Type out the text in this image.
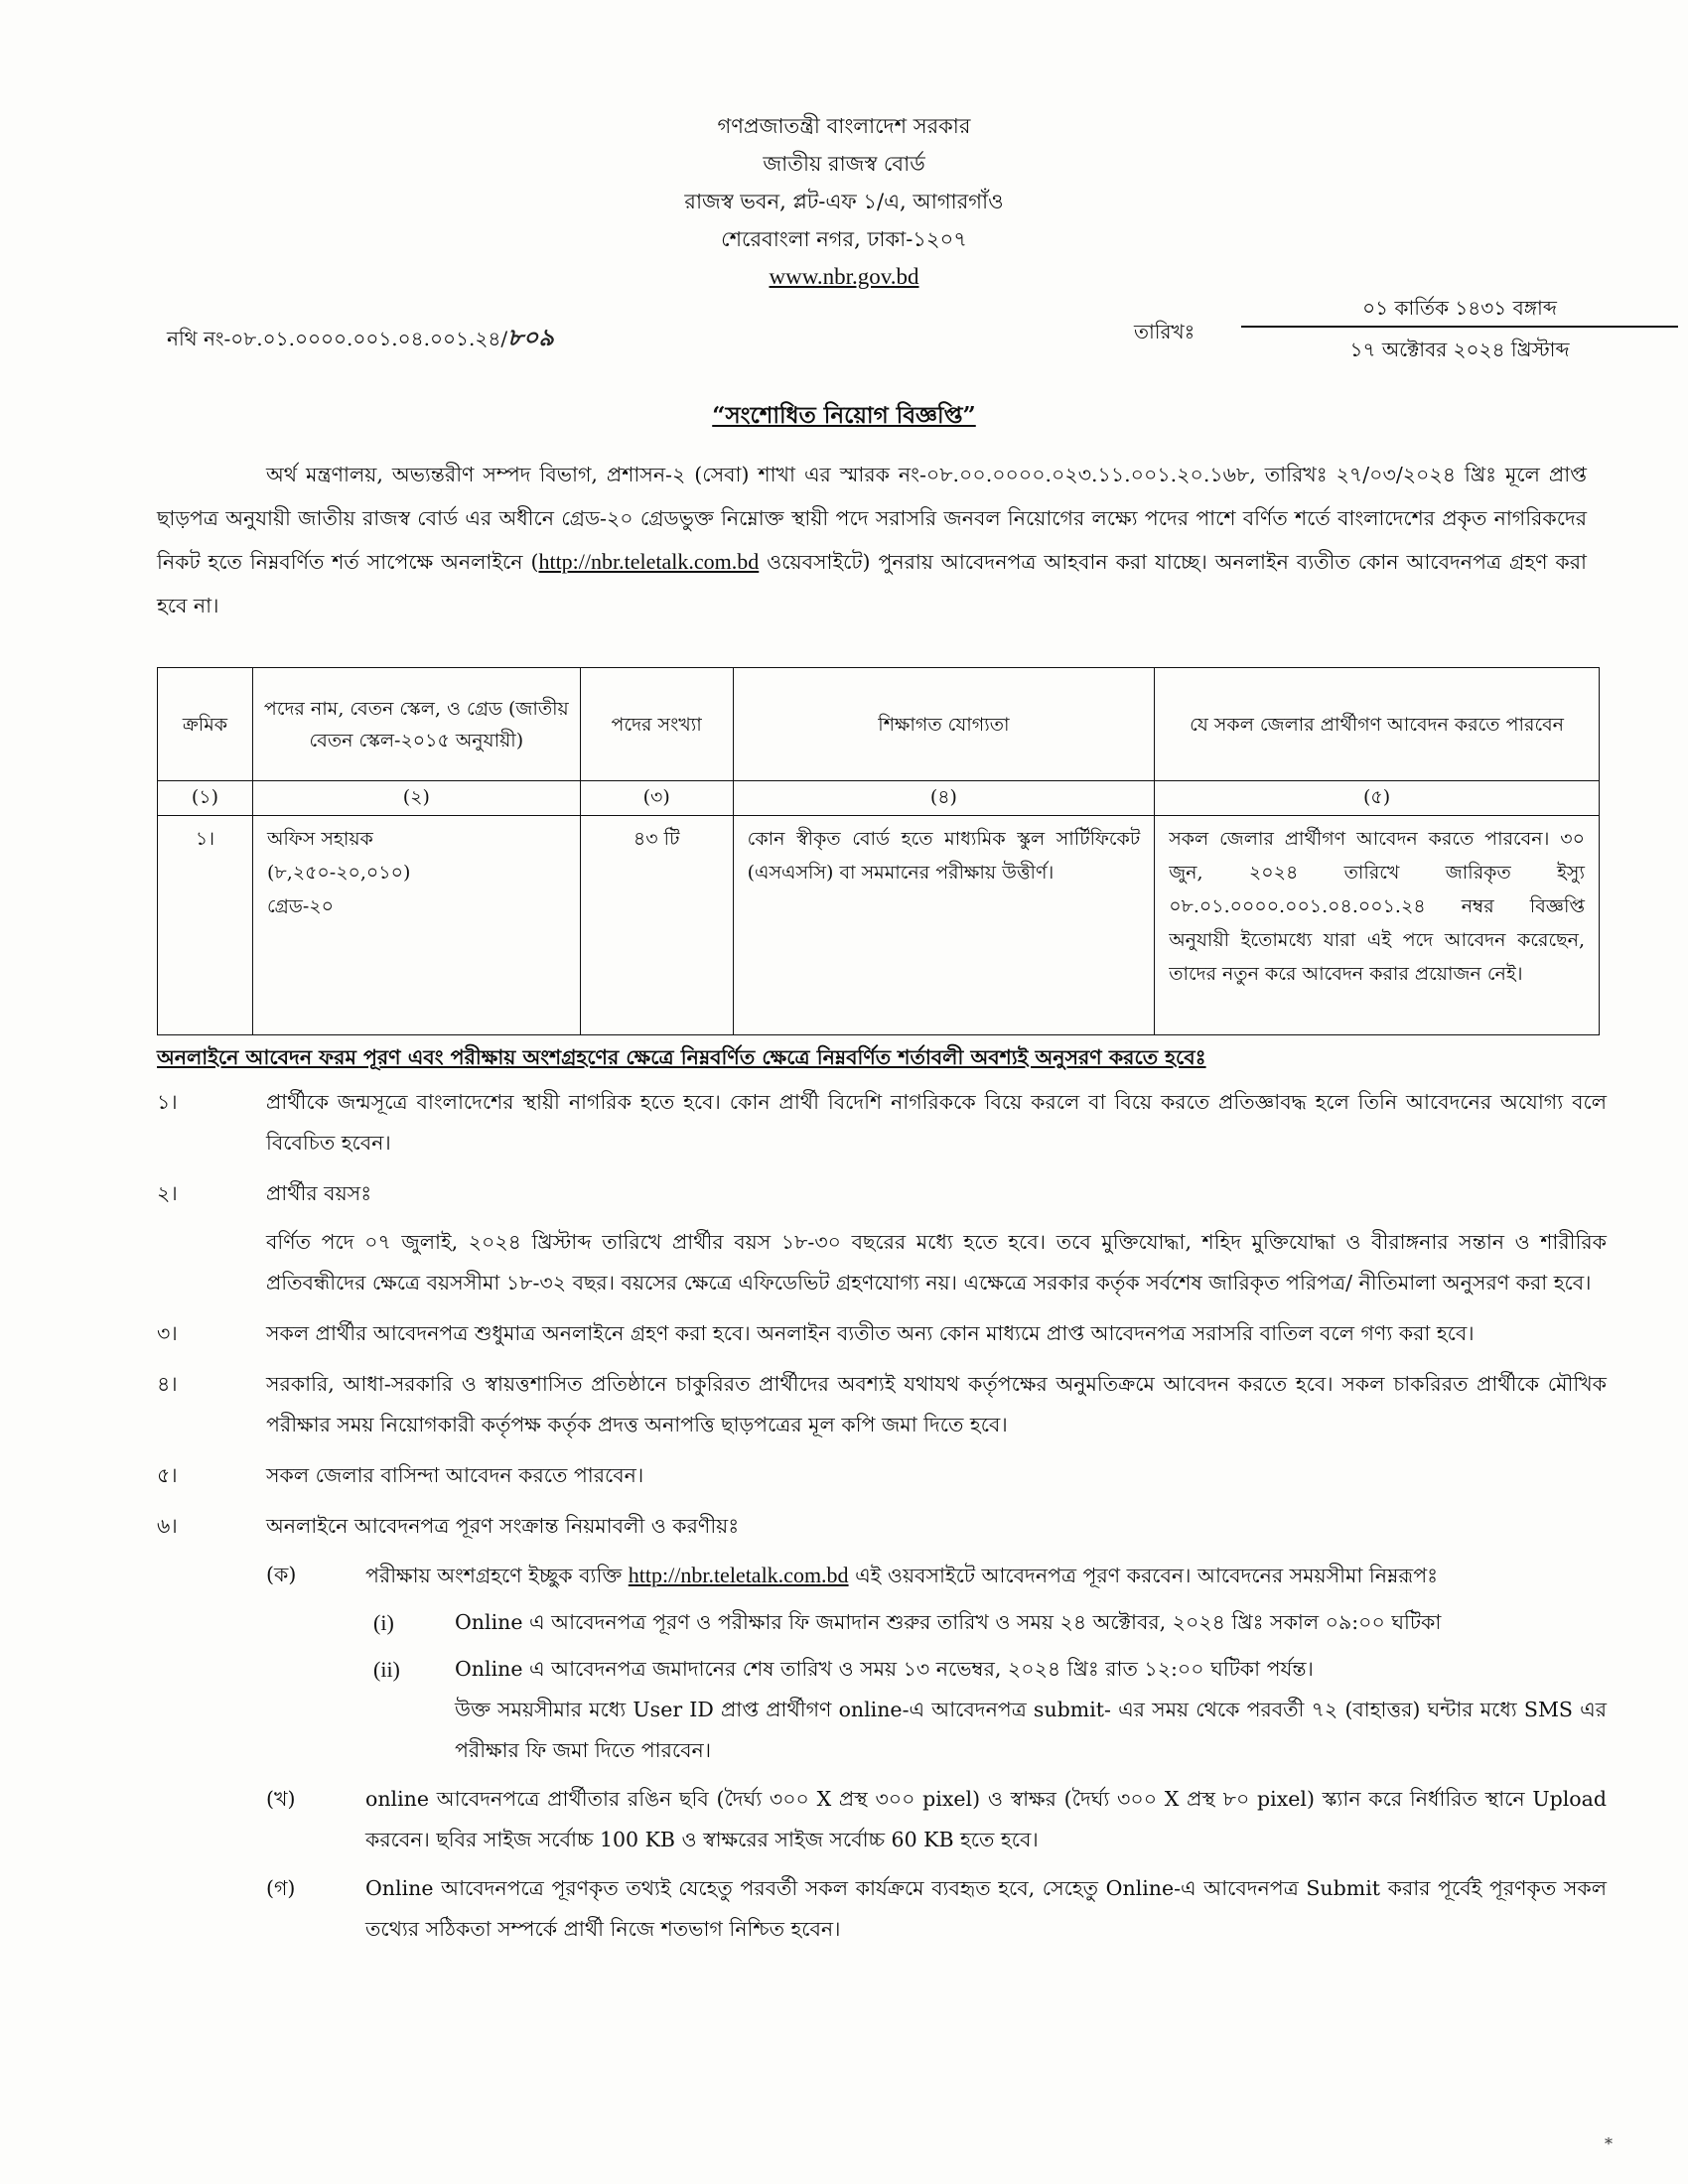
গণপ্রজাতন্ত্রী বাংলাদেশ সরকার
জাতীয় রাজস্ব বোর্ড
রাজস্ব ভবন, প্লট-এফ ১/এ, আগারগাঁও
শেরেবাংলা নগর, ঢাকা-১২০৭
www.nbr.gov.bd
নথি নং-০৮.০১.০০০০.০০১.০৪.০০১.২৪/৮০৯	তারিখঃ
০১ কার্তিক ১৪৩১ বঙ্গাব্দ
১৭ অক্টোবর ২০২৪ খ্রিস্টাব্দ
“সংশোধিত নিয়োগ বিজ্ঞপ্তি”
অর্থ মন্ত্রণালয়, অভ্যন্তরীণ সম্পদ বিভাগ, প্রশাসন-২ (সেবা) শাখা এর স্মারক নং-০৮.০০.০০০০.০২৩.১১.০০১.২০.১৬৮, তারিখঃ ২৭/০৩/২০২৪ খ্রিঃ মূলে প্রাপ্ত ছাড়পত্র অনুযায়ী জাতীয় রাজস্ব বোর্ড এর অধীনে গ্রেড-২০ গ্রেডভুক্ত নিম্নোক্ত স্থায়ী পদে সরাসরি জনবল নিয়োগের লক্ষ্যে পদের পাশে বর্ণিত শর্তে বাংলাদেশের প্রকৃত নাগরিকদের নিকট হতে নিম্নবর্ণিত শর্ত সাপেক্ষে অনলাইনে (http://nbr.teletalk.com.bd ওয়েবসাইটে) পুনরায় আবেদনপত্র আহবান করা যাচ্ছে। অনলাইন ব্যতীত কোন আবেদনপত্র গ্রহণ করা হবে না।
ক্রমিক	পদের নাম, বেতন স্কেল, ও গ্রেড (জাতীয় বেতন স্কেল-২০১৫ অনুযায়ী)	পদের সংখ্যা	শিক্ষাগত যোগ্যতা	যে সকল জেলার প্রার্থীগণ আবেদন করতে পারবেন
(১)	(২)	(৩)	(৪)	(৫)
১।	অফিস সহায়ক
(৮,২৫০-২০,০১০)
গ্রেড-২০	৪৩ টি	কোন স্বীকৃত বোর্ড হতে মাধ্যমিক স্কুল সার্টিফিকেট (এসএসসি) বা সমমানের পরীক্ষায় উত্তীর্ণ।	সকল জেলার প্রার্থীগণ আবেদন করতে পারবেন। ৩০ জুন, ২০২৪ তারিখে জারিকৃত ইস্যু ০৮.০১.০০০০.০০১.০৪.০০১.২৪ নম্বর বিজ্ঞপ্তি অনুযায়ী ইতোমধ্যে যারা এই পদে আবেদন করেছেন, তাদের নতুন করে আবেদন করার প্রয়োজন নেই।
অনলাইনে আবেদন ফরম পূরণ এবং পরীক্ষায় অংশগ্রহণের ক্ষেত্রে নিম্নবর্ণিত ক্ষেত্রে নিম্নবর্ণিত শর্তাবলী অবশ্যই অনুসরণ করতে হবেঃ
১।	প্রার্থীকে জন্মসূত্রে বাংলাদেশের স্থায়ী নাগরিক হতে হবে। কোন প্রার্থী বিদেশি নাগরিককে বিয়ে করলে বা বিয়ে করতে প্রতিজ্ঞাবদ্ধ হলে তিনি আবেদনের অযোগ্য বলে বিবেচিত হবেন।
২।	প্রার্থীর বয়সঃ
বর্ণিত পদে ০৭ জুলাই, ২০২৪ খ্রিস্টাব্দ তারিখে প্রার্থীর বয়স ১৮-৩০ বছরের মধ্যে হতে হবে। তবে মুক্তিযোদ্ধা, শহিদ মুক্তিযোদ্ধা ও বীরাঙ্গনার সন্তান ও শারীরিক প্রতিবন্ধীদের ক্ষেত্রে বয়সসীমা ১৮-৩২ বছর। বয়সের ক্ষেত্রে এফিডেভিট গ্রহণযোগ্য নয়। এক্ষেত্রে সরকার কর্তৃক সর্বশেষ জারিকৃত পরিপত্র/ নীতিমালা অনুসরণ করা হবে।
৩।	সকল প্রার্থীর আবেদনপত্র শুধুমাত্র অনলাইনে গ্রহণ করা হবে। অনলাইন ব্যতীত অন্য কোন মাধ্যমে প্রাপ্ত আবেদনপত্র সরাসরি বাতিল বলে গণ্য করা হবে।
৪।	সরকারি, আধা-সরকারি ও স্বায়ত্তশাসিত প্রতিষ্ঠানে চাকুরিরত প্রার্থীদের অবশ্যই যথাযথ কর্তৃপক্ষের অনুমতিক্রমে আবেদন করতে হবে। সকল চাকরিরত প্রার্থীকে মৌখিক পরীক্ষার সময় নিয়োগকারী কর্তৃপক্ষ কর্তৃক প্রদত্ত অনাপত্তি ছাড়পত্রের মূল কপি জমা দিতে হবে।
৫।	সকল জেলার বাসিন্দা আবেদন করতে পারবেন।
৬।	অনলাইনে আবেদনপত্র পূরণ সংক্রান্ত নিয়মাবলী ও করণীয়ঃ
(ক)	পরীক্ষায় অংশগ্রহণে ইচ্ছুক ব্যক্তি http://nbr.teletalk.com.bd এই ওয়বসাইটে আবেদনপত্র পূরণ করবেন। আবেদনের সময়সীমা নিম্নরূপঃ
(i)	Online এ আবেদনপত্র পূরণ ও পরীক্ষার ফি জমাদান শুরুর তারিখ ও সময় ২৪ অক্টোবর, ২০২৪ খ্রিঃ সকাল ০৯:০০ ঘটিকা
(ii)	Online এ আবেদনপত্র জমাদানের শেষ তারিখ ও সময় ১৩ নভেম্বর, ২০২৪ খ্রিঃ রাত ১২:০০ ঘটিকা পর্যন্ত।
উক্ত সময়সীমার মধ্যে User ID প্রাপ্ত প্রার্থীগণ online-এ আবেদনপত্র submit- এর সময় থেকে পরবর্তী ৭২ (বাহাত্তর) ঘন্টার মধ্যে SMS এর পরীক্ষার ফি জমা দিতে পারবেন।
(খ)	online আবেদনপত্রে প্রার্থীতার রঙিন ছবি (দৈর্ঘ্য ৩০০ X প্রস্থ ৩০০ pixel) ও স্বাক্ষর (দৈর্ঘ্য ৩০০ X প্রস্থ ৮০ pixel) স্ক্যান করে নির্ধারিত স্থানে Upload করবেন। ছবির সাইজ সর্বোচ্চ 100 KB ও স্বাক্ষরের সাইজ সর্বোচ্চ 60 KB হতে হবে।
(গ)	Online আবেদনপত্রে পূরণকৃত তথ্যই যেহেতু পরবর্তী সকল কার্যক্রমে ব্যবহৃত হবে, সেহেতু Online-এ আবেদনপত্র Submit করার পূর্বেই পূরণকৃত সকল তথ্যের সঠিকতা সম্পর্কে প্রার্থী নিজে শতভাগ নিশ্চিত হবেন।
*
